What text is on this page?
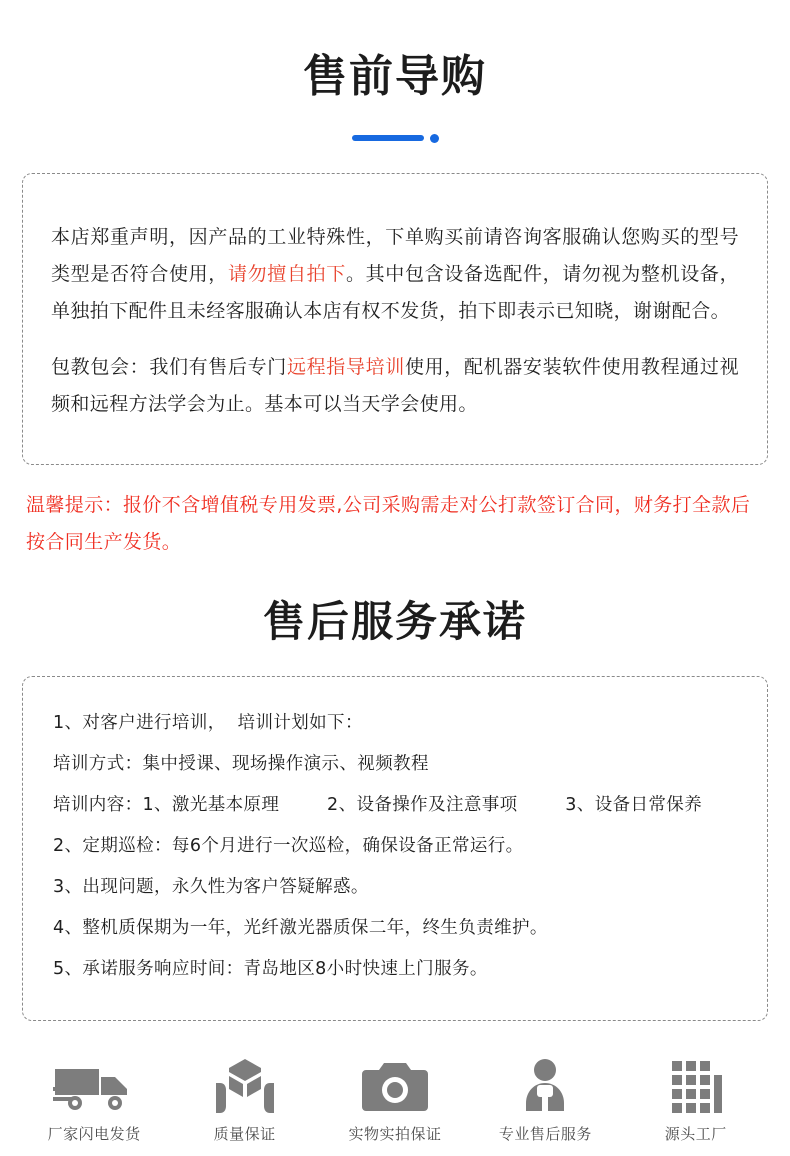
售前导购

本店郑重声明，因产品的工业特殊性，下单购买前请咨询客服确认您购买的型号类型是否符合使用，请勿擅自拍下。其中包含设备选配件，请勿视为整机设备，单独拍下配件且未经客服确认本店有权不发货，拍下即表示已知晓，谢谢配合。

包教包会：我们有售后专门远程指导培训使用，配机器安装软件使用教程通过视频和远程方法学会为止。基本可以当天学会使用。

温馨提示：报价不含增值税专用发票,公司采购需走对公打款签订合同，财务打全款后按合同生产发货。

售后服务承诺
1、对客户进行培训，  培训计划如下：
培训方式：集中授课、现场操作演示、视频教程
培训内容：1、激光基本原理        2、设备操作及注意事项        3、设备日常保养
2、定期巡检：每6个月进行一次巡检，确保设备正常运行。
3、出现问题，永久性为客户答疑解惑。
4、整机质保期为一年，光纤激光器质保二年，终生负责维护。
5、承诺服务响应时间：青岛地区8小时快速上门服务。
厂家闪电发货	质量保证	实物实拍保证	专业售后服务	源头工厂
